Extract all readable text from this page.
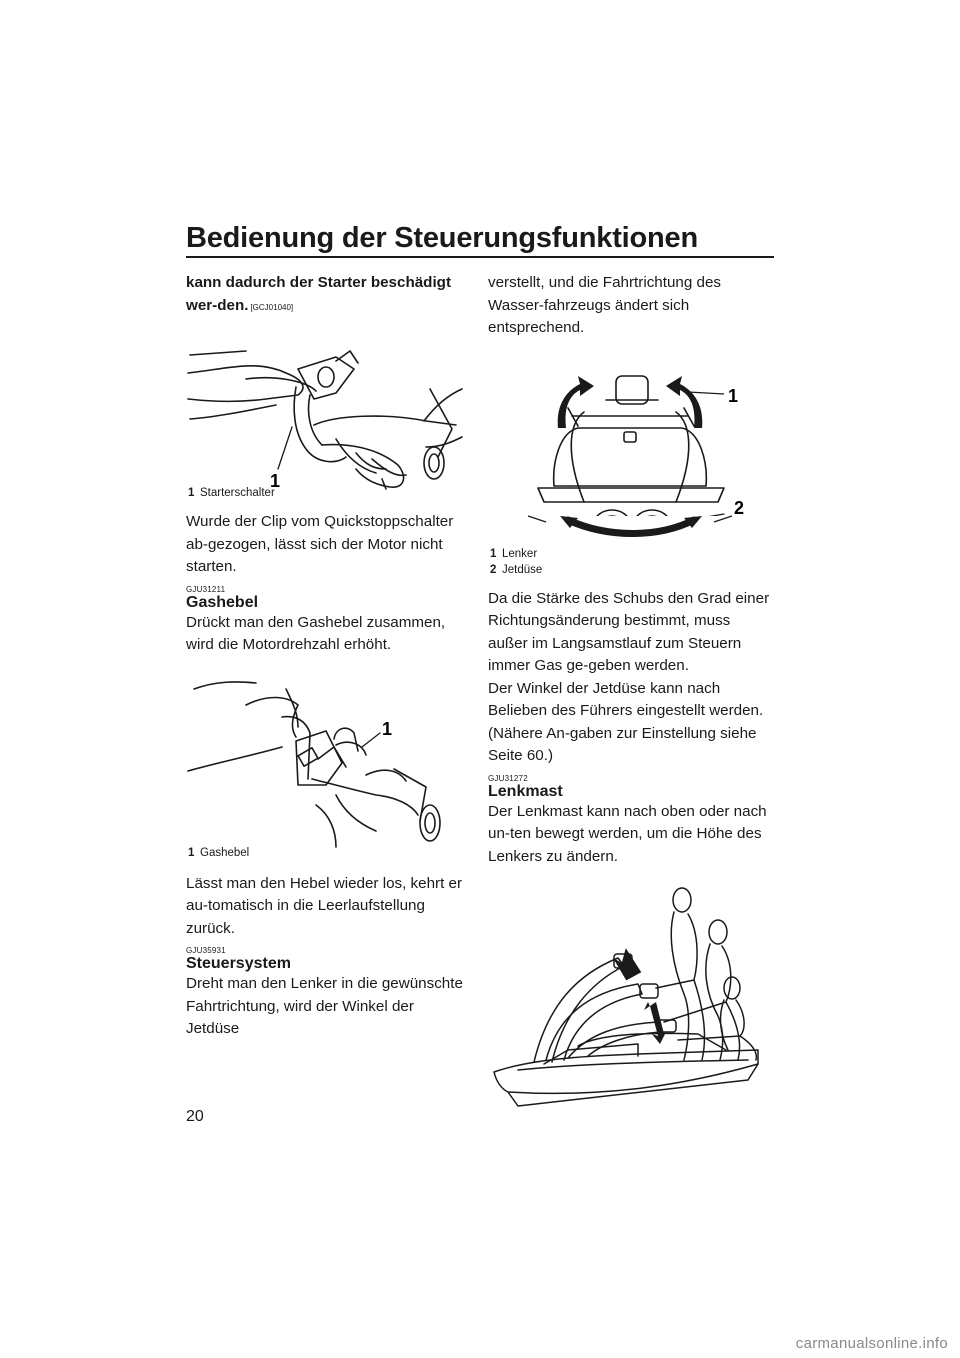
Bedienung der Steuerungsfunktionen

kann dadurch der Starter beschädigt wer-den. [GCJ01040]

1
1 Starterschalter

Wurde der Clip vom Quickstoppschalter ab-gezogen, lässt sich der Motor nicht starten.

GJU31211
Gashebel

Drückt man den Gashebel zusammen, wird die Motordrehzahl erhöht.

1
1 Gashebel

Lässt man den Hebel wieder los, kehrt er au-tomatisch in die Leerlaufstellung zurück.

GJU35931
Steuersystem

Dreht man den Lenker in die gewünschte Fahrtrichtung, wird der Winkel der Jetdüse

verstellt, und die Fahrtrichtung des Wasser-fahrzeugs ändert sich entsprechend.

1
2
1 Lenker
2 Jetdüse

Da die Stärke des Schubs den Grad einer Richtungsänderung bestimmt, muss außer im Langsamstlauf zum Steuern immer Gas ge-geben werden.

Der Winkel der Jetdüse kann nach Belieben des Führers eingestellt werden. (Nähere An-gaben zur Einstellung siehe Seite 60.)

GJU31272
Lenkmast

Der Lenkmast kann nach oben oder nach un-ten bewegt werden, um die Höhe des Lenkers zu ändern.

20
carmanualsonline.info
